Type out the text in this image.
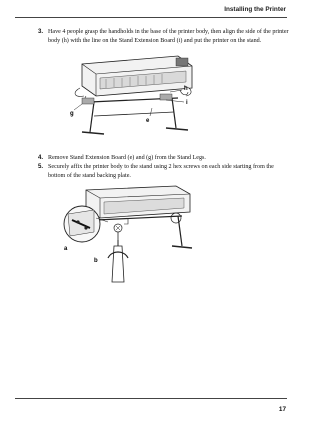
Installing the Printer
3. Have 4 people grasp the handholds in the base of the printer body, then align the side of the printer body (h) with the line on the Stand Extension Board (i) and put the printer on the stand.
g
h
i
e
4. Remove Stand Extension Board (e) and (g) from the Stand Legs.
5. Securely affix the printer body to the stand using 2 hex screws on each side starting from the bottom of the stand backing plate.
a
b
17
